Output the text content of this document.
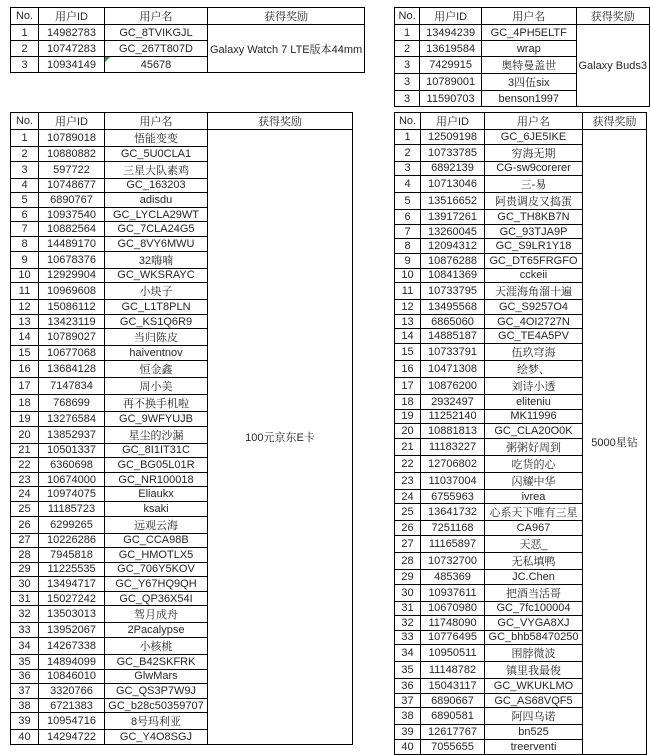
No.	用户ID	用户名	获得奖励
1	14982783	GC_8TVIKGJL	Galaxy Watch 7 LTE版本44mm
2	10747283	GC_267T807D	
3	10934149	45678	
No.	用户ID	用户名	获得奖励
1	13494239	GC_4PH5ELTF	Galaxy Buds3
2	13619584	wrap	
3	7429915	奥特曼盖世	
3	10789001	3四伍six	
3	11590703	benson1997	
No.	用户ID	用户名	获得奖励
1	10789018	悟能变变	100元京东E卡
2	10880882	GC_5U0CLA1	
3	597722	三星大队素鸡	
4	10748677	GC_163203	
5	6890767	adisdu	
6	10937540	GC_LYCLA29WT	
7	10882564	GC_7CLA24G5	
8	14489170	GC_8VY6MWU	
9	10678376	32嗨喃	
10	12929904	GC_WKSRAYC	
11	10969608	小块子	
12	15086112	GC_L1T8PLN	
13	13423119	GC_KS1Q6R9	
14	10789027	当归陈皮	
15	10677068	haiventnov	
16	13684128	恒金鑫	
17	7147834	周小美	
18	768699	再不换手机啦	
19	13276584	GC_9WFYUJB	
20	13852937	星尘的沙漏	
21	10501337	GC_8I1IT31C	
22	6360698	GC_BG05L01R	
23	10674000	GC_NR100018	
24	10974075	Eliaukx	
25	11185723	ksaki	
26	6299265	远观云海	
27	10226286	GC_CCA98B	
28	7945818	GC_HMOTLX5	
29	11225535	GC_706Y5KOV	
30	13494717	GC_Y67HQ9QH	
31	15027242	GC_QP36X54I	
32	13503013	驾月成舟	
33	13952067	2Pacalypse	
34	14267338	小核桃	
35	14894099	GC_B42SKFRK	
36	10846010	GlwMars	
37	3320766	GC_QS3P7W9J	
38	6721383	GC_b28c50359707	
39	10954716	8号玛利亚	
40	14294722	GC_Y4O8SGJ	
No.	用户ID	用户名	获得奖励
1	12509198	GC_6JE5IKE	5000星钻
2	10733785	穷海无期	
3	6892139	CG-sw9corerer	
4	10713046	三-易	
5	13516652	阿贵调皮又捣蛋	
6	13917261	GC_TH8KB7N	
7	13260045	GC_93TJA9P	
8	12094312	GC_S9LR1Y18	
9	10876288	GC_DT65FRGFO	
10	10841369	cckeii	
11	10733795	天涯海角溜十遍	
12	13495568	GC_S9257O4	
13	6865060	GC_4OI2727N	
14	14885187	GC_TE4A5PV	
15	10733791	伍玖穹海	
16	10471308	绘梦、	
17	10876200	刘诗小透	
18	2932497	eliteniu	
19	11252140	MK11996	
20	10881813	GC_CLA20O0K	
21	11183227	粥粥好周到	
22	12706802	吃货的心	
23	11037004	闪耀中华	
24	6755963	ivrea	
25	13641732	心系天下唯有三星	
26	7251168	CA967	
27	11165897	天恶_	
28	10732700	无私填鸭	
29	485369	JC.Chen	
30	10937611	把酒当活哥	
31	10670980	GC_7fc100004	
32	11748090	GC_VYGA8XJ	
33	10776495	GC_bhb58470250	
34	10950511	围脖微波	
35	11148782	镇里我最俊	
36	15043117	GC_WKUKLMO	
37	6890667	GC_AS68VQF5	
38	6890581	阿四乌诺	
39	12617767	bn525	
40	7055655	treerventi	
